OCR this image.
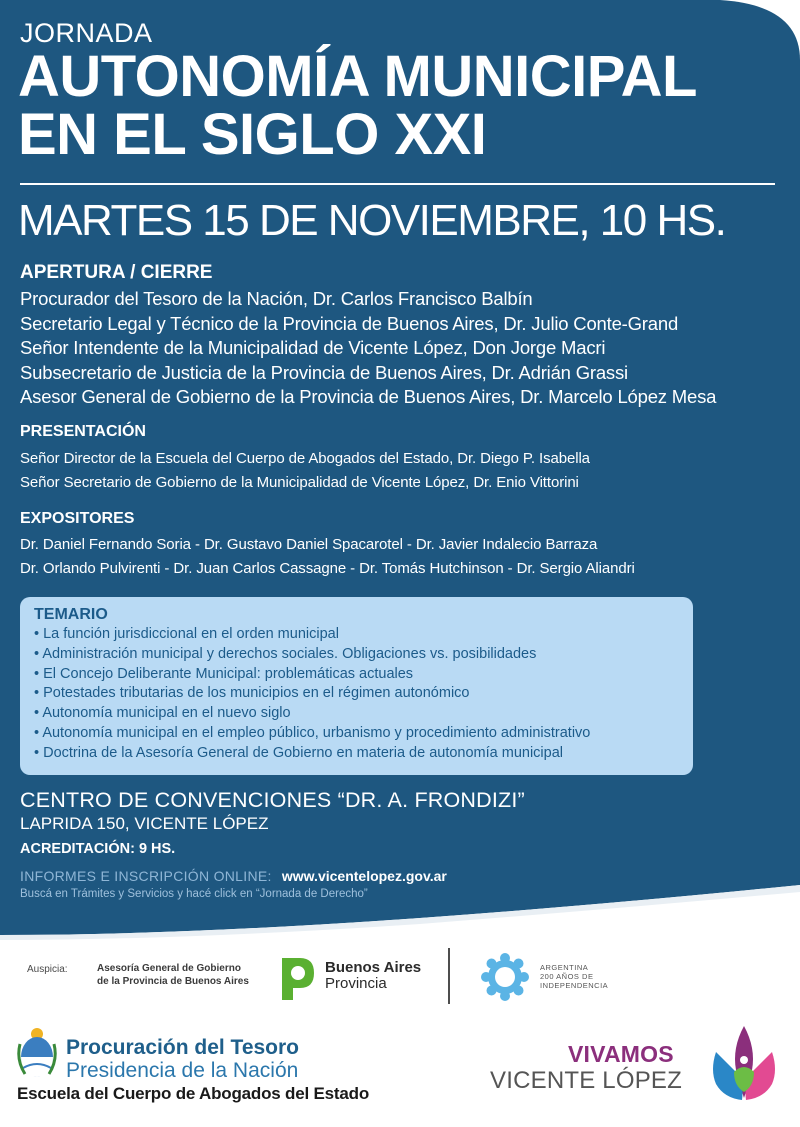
JORNADA
AUTONOMÍA MUNICIPAL
EN EL SIGLO XXI
MARTES 15 DE NOVIEMBRE, 10 HS.
APERTURA / CIERRE
Procurador del Tesoro de la Nación, Dr. Carlos Francisco Balbín
Secretario Legal y Técnico de la Provincia de Buenos Aires, Dr. Julio Conte-Grand
Señor Intendente de la Municipalidad de Vicente López, Don Jorge Macri
Subsecretario de Justicia de la Provincia de Buenos Aires, Dr. Adrián Grassi
Asesor General de Gobierno de la Provincia de Buenos Aires, Dr. Marcelo López Mesa
PRESENTACIÓN
Señor Director de la Escuela del Cuerpo de Abogados del Estado, Dr. Diego P. Isabella
Señor Secretario de Gobierno de la Municipalidad de Vicente López, Dr. Enio Vittorini
EXPOSITORES
Dr. Daniel Fernando Soria - Dr. Gustavo Daniel Spacarotel - Dr. Javier Indalecio Barraza
Dr. Orlando Pulvirenti - Dr. Juan Carlos Cassagne - Dr. Tomás Hutchinson - Dr. Sergio Aliandri
TEMARIO
• La función jurisdiccional en el orden municipal
• Administración municipal y derechos sociales. Obligaciones vs. posibilidades
• El Concejo Deliberante Municipal: problemáticas actuales
• Potestades tributarias de los municipios en el régimen autonómico
• Autonomía municipal en el nuevo siglo
• Autonomía municipal en el empleo público, urbanismo y procedimiento administrativo
• Doctrina de la Asesoría General de Gobierno en materia de autonomía municipal
CENTRO DE CONVENCIONES “DR. A. FRONDIZI”
LAPRIDA 150, VICENTE LÓPEZ
ACREDITACIÓN: 9 HS.
INFORMES E INSCRIPCIÓN ONLINE: www.vicentelopez.gov.ar
Buscá en Trámites y Servicios y hacé click en “Jornada de Derecho”
Auspicia:	Asesoría General de Gobierno
de la Provincia de Buenos Aires
Buenos Aires
Provincia
ARGENTINA
200 AÑOS DE
INDEPENDENCIA
Procuración del Tesoro
Presidencia de la Nación
Escuela del Cuerpo de Abogados del Estado
VIVAMOS
VICENTE LÓPEZ
